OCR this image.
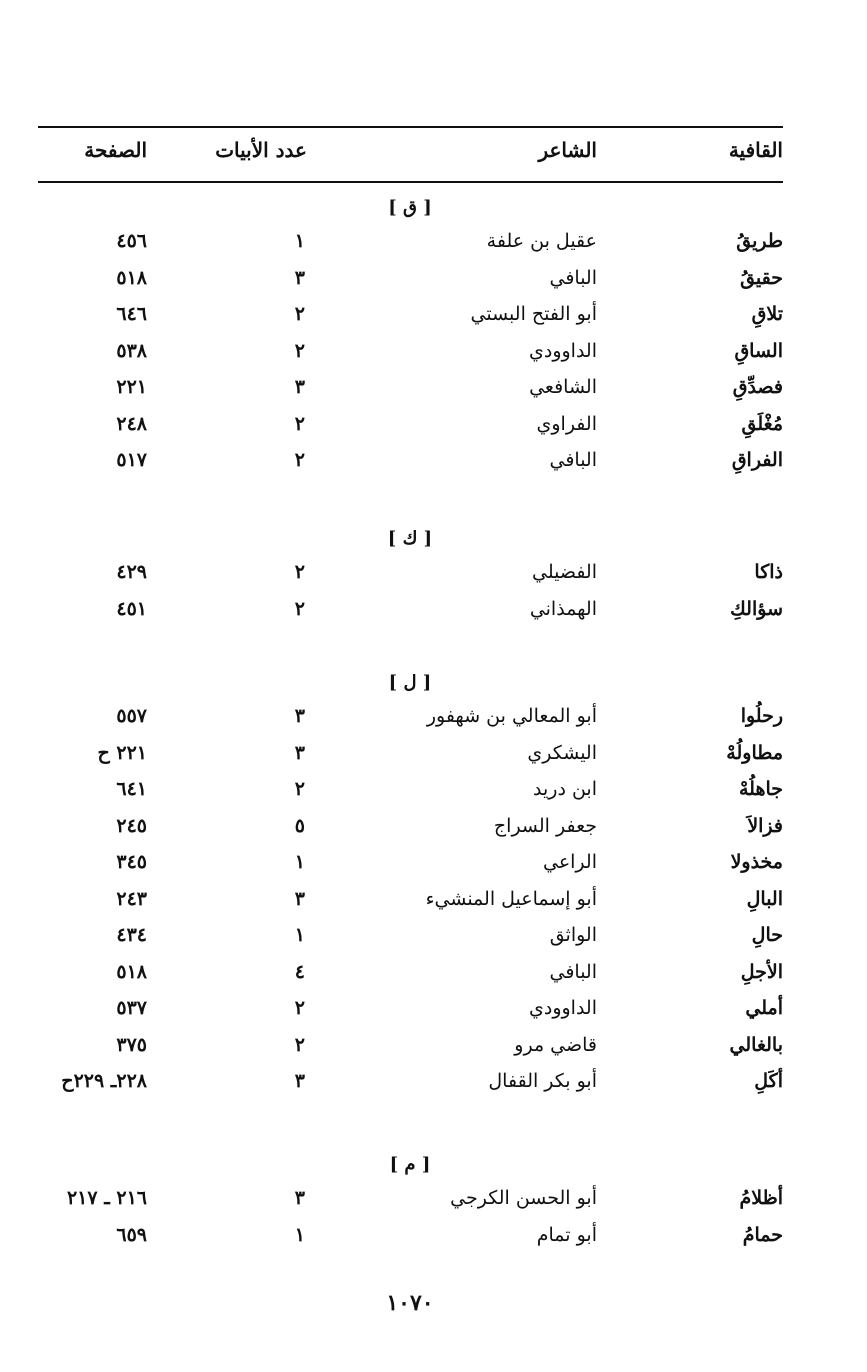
القافية
الشاعر
عدد الأبيات
الصفحة
[ ق ]
طريقُ
عقيل بن علفة
١
٤٥٦
حقيقُ
البافي
٣
٥١٨
تلاقِ
أبو الفتح البستي
٢
٦٤٦
الساقِ
الداوودي
٢
٥٣٨
فصدِّقِ
الشافعي
٣
٢٢١
مُغْلَقِ
الفراوي
٢
٢٤٨
الفراقِ
البافي
٢
٥١٧
[ ك ]
ذاكا
الفضيلي
٢
٤٢٩
سؤالكِ
الهمذاني
٢
٤٥١
[ ل ]
رحلُوا
أبو المعالي بن شهفور
٣
٥٥٧
مطاولُهْ
اليشكري
٣
٢٢١ ح
جاهلُهْ
ابن دريد
٢
٦٤١
فزالاَ
جعفر السراج
٥
٢٤٥
مخذولا
الراعي
١
٣٤٥
البالِ
أبو إسماعيل المنشيء
٣
٢٤٣
حالِ
الواثق
١
٤٣٤
الأجلِ
البافي
٤
٥١٨
أملي
الداوودي
٢
٥٣٧
بالغالي
قاضي مرو
٢
٣٧٥
أكَلِ
أبو بكر القفال
٣
٢٢٨ـ ٢٢٩ح
[ م ]
أظلامُ
أبو الحسن الكرجي
٣
٢١٦ ـ ٢١٧
حمامُ
أبو تمام
١
٦٥٩
١٠٧٠
